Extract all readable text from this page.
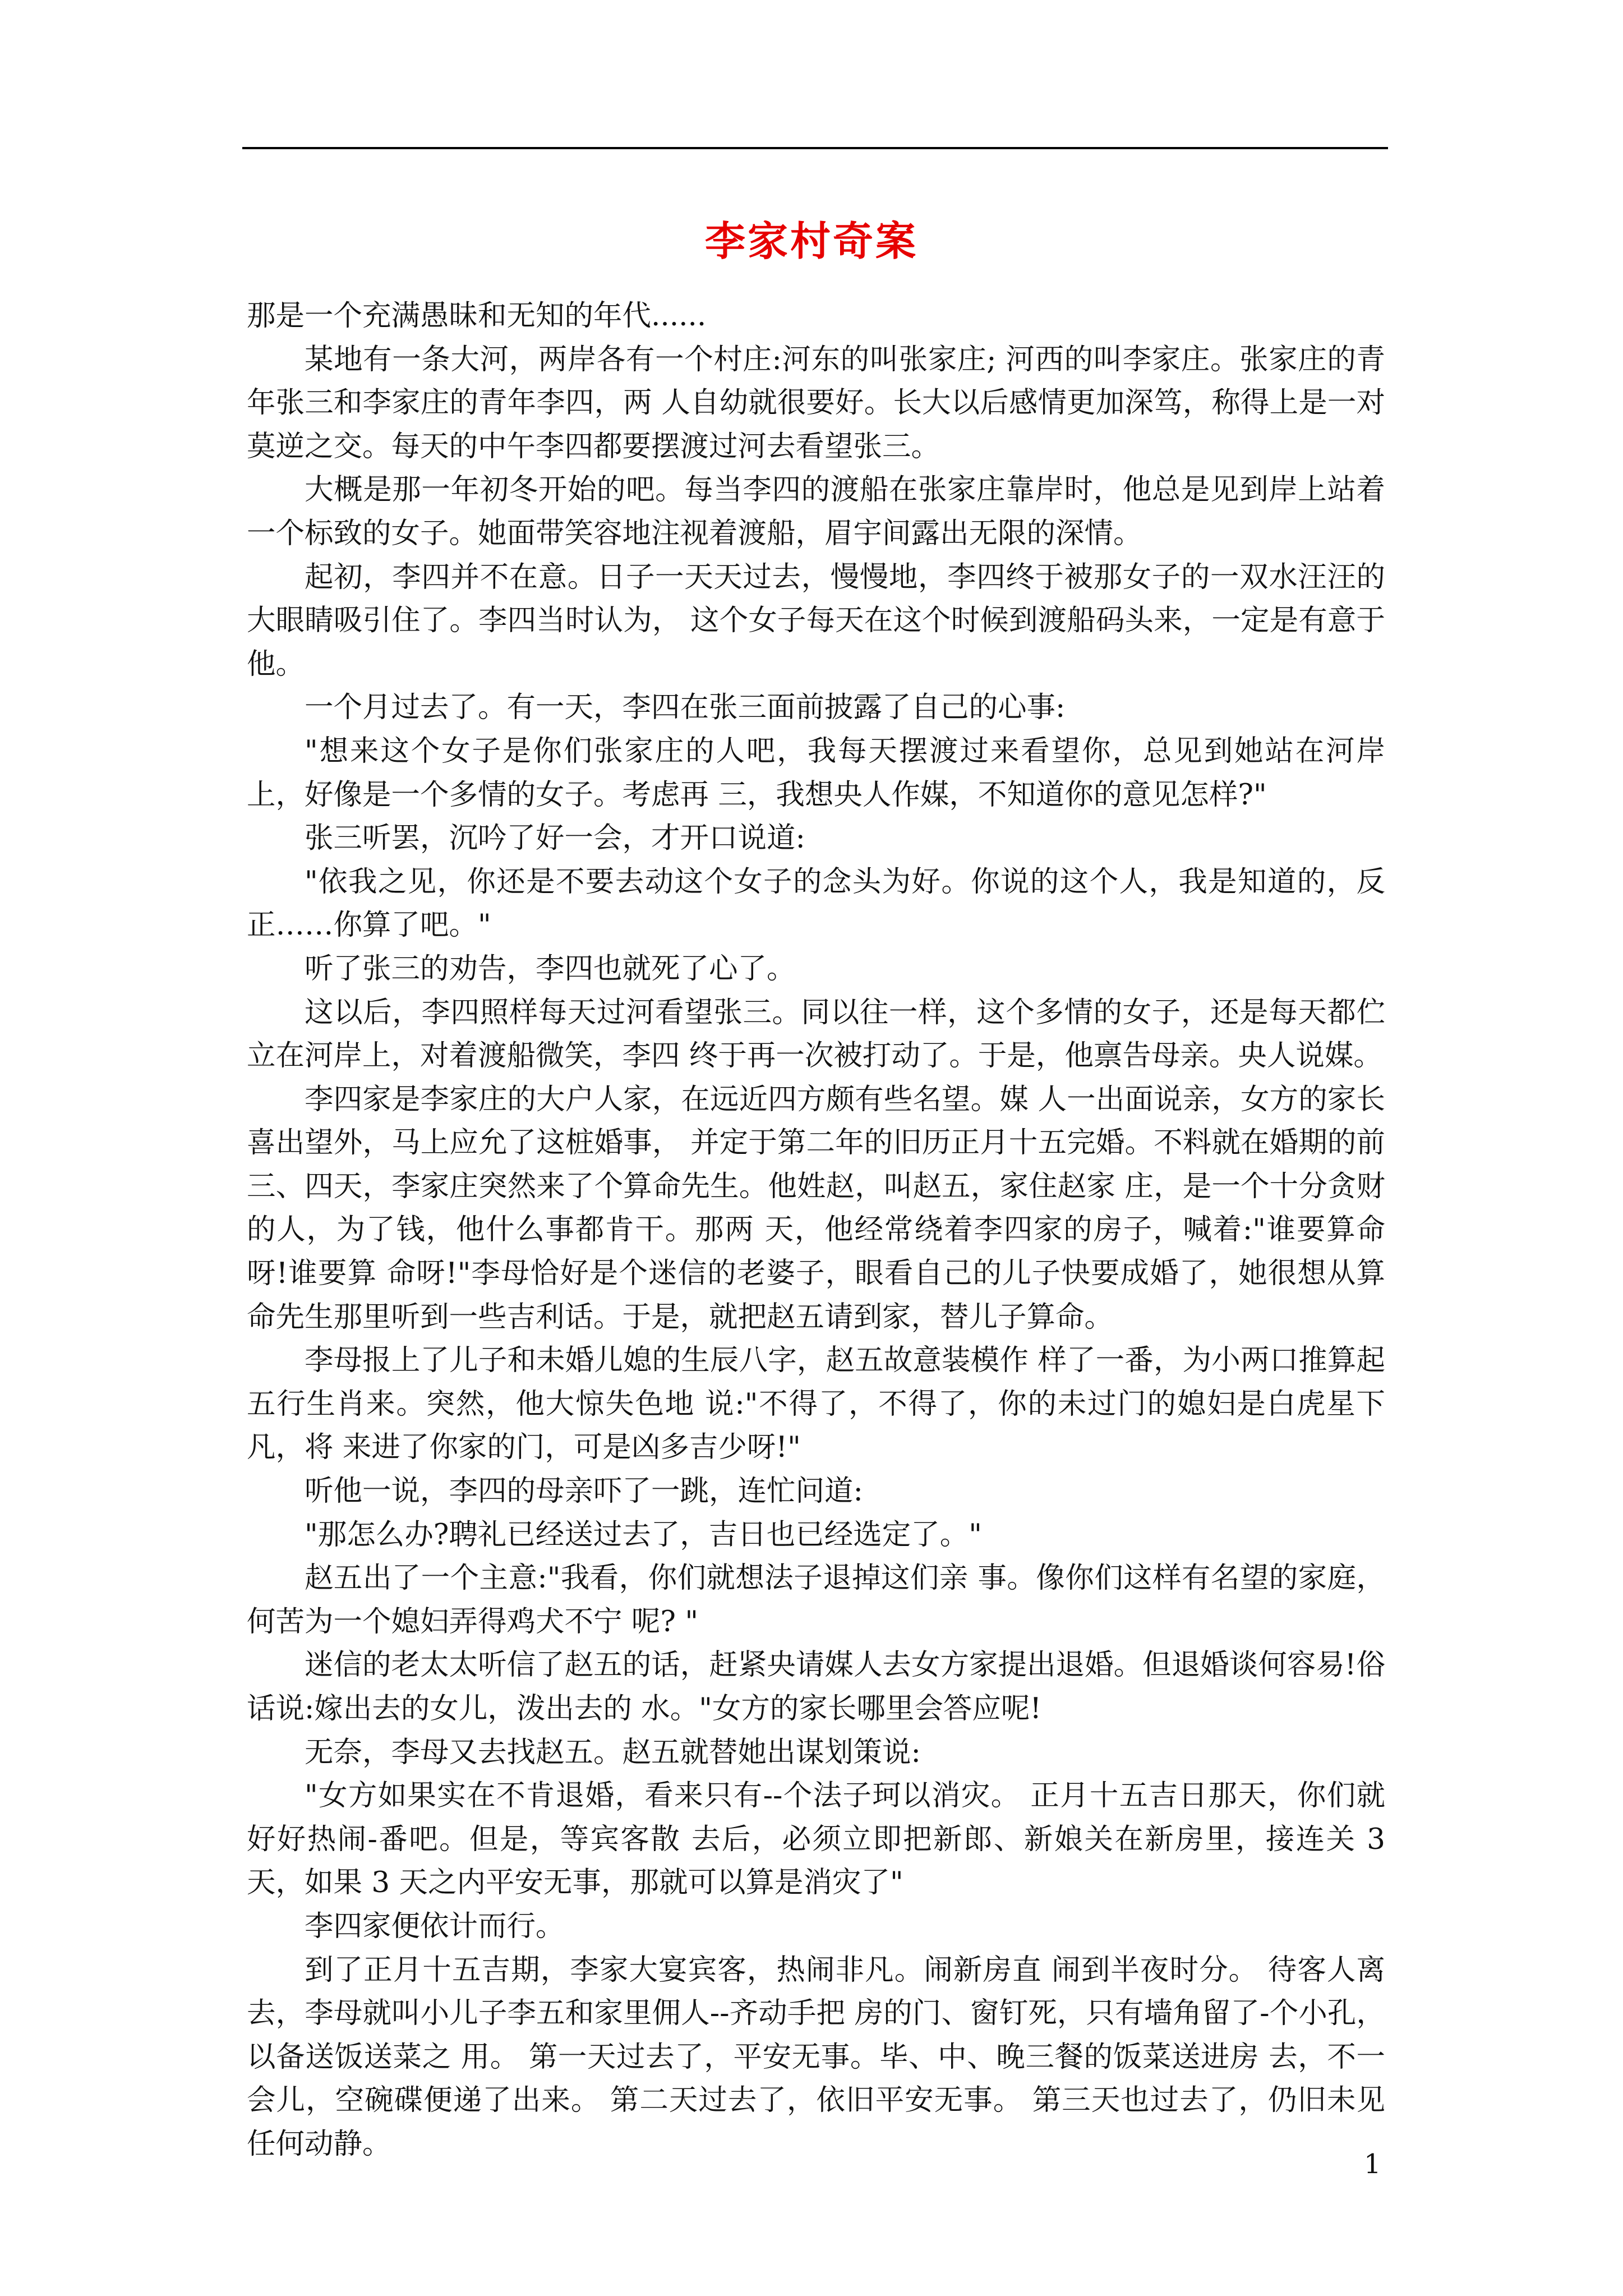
李家村奇案

那是一个充满愚昧和无知的年代......

某地有一条大河，两岸各有一个村庄:河东的叫张家庄; 河西的叫李家庄。张家庄的青年张三和李家庄的青年李四，两 人自幼就很要好。长大以后感情更加深笃，称得上是一对莫逆之交。每天的中午李四都要摆渡过河去看望张三。

大概是那一年初冬开始的吧。每当李四的渡船在张家庄靠岸时，他总是见到岸上站着一个标致的女子。她面带笑容地注视着渡船，眉宇间露出无限的深情。

起初，李四并不在意。日子一天天过去，慢慢地，李四终于被那女子的一双水汪汪的大眼睛吸引住了。李四当时认为， 这个女子每天在这个时候到渡船码头来，一定是有意于他。

一个月过去了。有一天，李四在张三面前披露了自己的心事:

"想来这个女子是你们张家庄的人吧，我每天摆渡过来看望你，总见到她站在河岸上，好像是一个多情的女子。考虑再 三，我想央人作媒，不知道你的意见怎样?"

张三听罢，沉吟了好一会，才开口说道:

"依我之见，你还是不要去动这个女子的念头为好。你说的这个人，我是知道的，反正……你算了吧。"

听了张三的劝告，李四也就死了心了。

这以后，李四照样每天过河看望张三。同以往一样，这个多情的女子，还是每天都伫立在河岸上，对着渡船微笑，李四 终于再一次被打动了。于是，他禀告母亲。央人说媒。

李四家是李家庄的大户人家，在远近四方颇有些名望。媒 人一出面说亲，女方的家长喜出望外，马上应允了这桩婚事， 并定于第二年的旧历正月十五完婚。不料就在婚期的前三、四天，李家庄突然来了个算命先生。他姓赵，叫赵五，家住赵家 庄，是一个十分贪财的人，为了钱，他什么事都肯干。那两 天，他经常绕着李四家的房子，喊着:"谁要算命呀!谁要算 命呀!"李母恰好是个迷信的老婆子，眼看自己的儿子快要成婚了，她很想从算命先生那里听到一些吉利话。于是，就把赵五请到家，替儿子算命。

李母报上了儿子和未婚儿媳的生辰八字，赵五故意装模作 样了一番，为小两口推算起五行生肖来。突然，他大惊失色地 说:"不得了，不得了，你的未过门的媳妇是白虎星下凡，将 来进了你家的门，可是凶多吉少呀!"

听他一说，李四的母亲吓了一跳，连忙问道:

"那怎么办?聘礼已经送过去了，吉日也已经选定了。"

赵五出了一个主意:"我看，你们就想法子退掉这们亲 事。像你们这样有名望的家庭，何苦为一个媳妇弄得鸡犬不宁 呢? "

迷信的老太太听信了赵五的话，赶紧央请媒人去女方家提出退婚。但退婚谈何容易!俗话说:嫁出去的女儿，泼出去的 水。"女方的家长哪里会答应呢!

无奈，李母又去找赵五。赵五就替她出谋划策说:

"女方如果实在不肯退婚，看来只有--个法子珂以消灾。 正月十五吉日那天，你们就好好热闹-番吧。但是，等宾客散 去后，必须立即把新郎、新娘关在新房里，接连关 3 天，如果 3 天之内平安无事，那就可以算是消灾了"

李四家便依计而行。

到了正月十五吉期，李家大宴宾客，热闹非凡。闹新房直 闹到半夜时分。 待客人离去，李母就叫小儿子李五和家里佣人--齐动手把 房的门、窗钉死，只有墙角留了-个小孔，以备送饭送菜之 用。 第一天过去了，平安无事。毕、中、晚三餐的饭菜送进房 去，不一会儿，空碗碟便递了出来。 第二天过去了，依旧平安无事。 第三天也过去了，仍旧未见任何动静。

1
